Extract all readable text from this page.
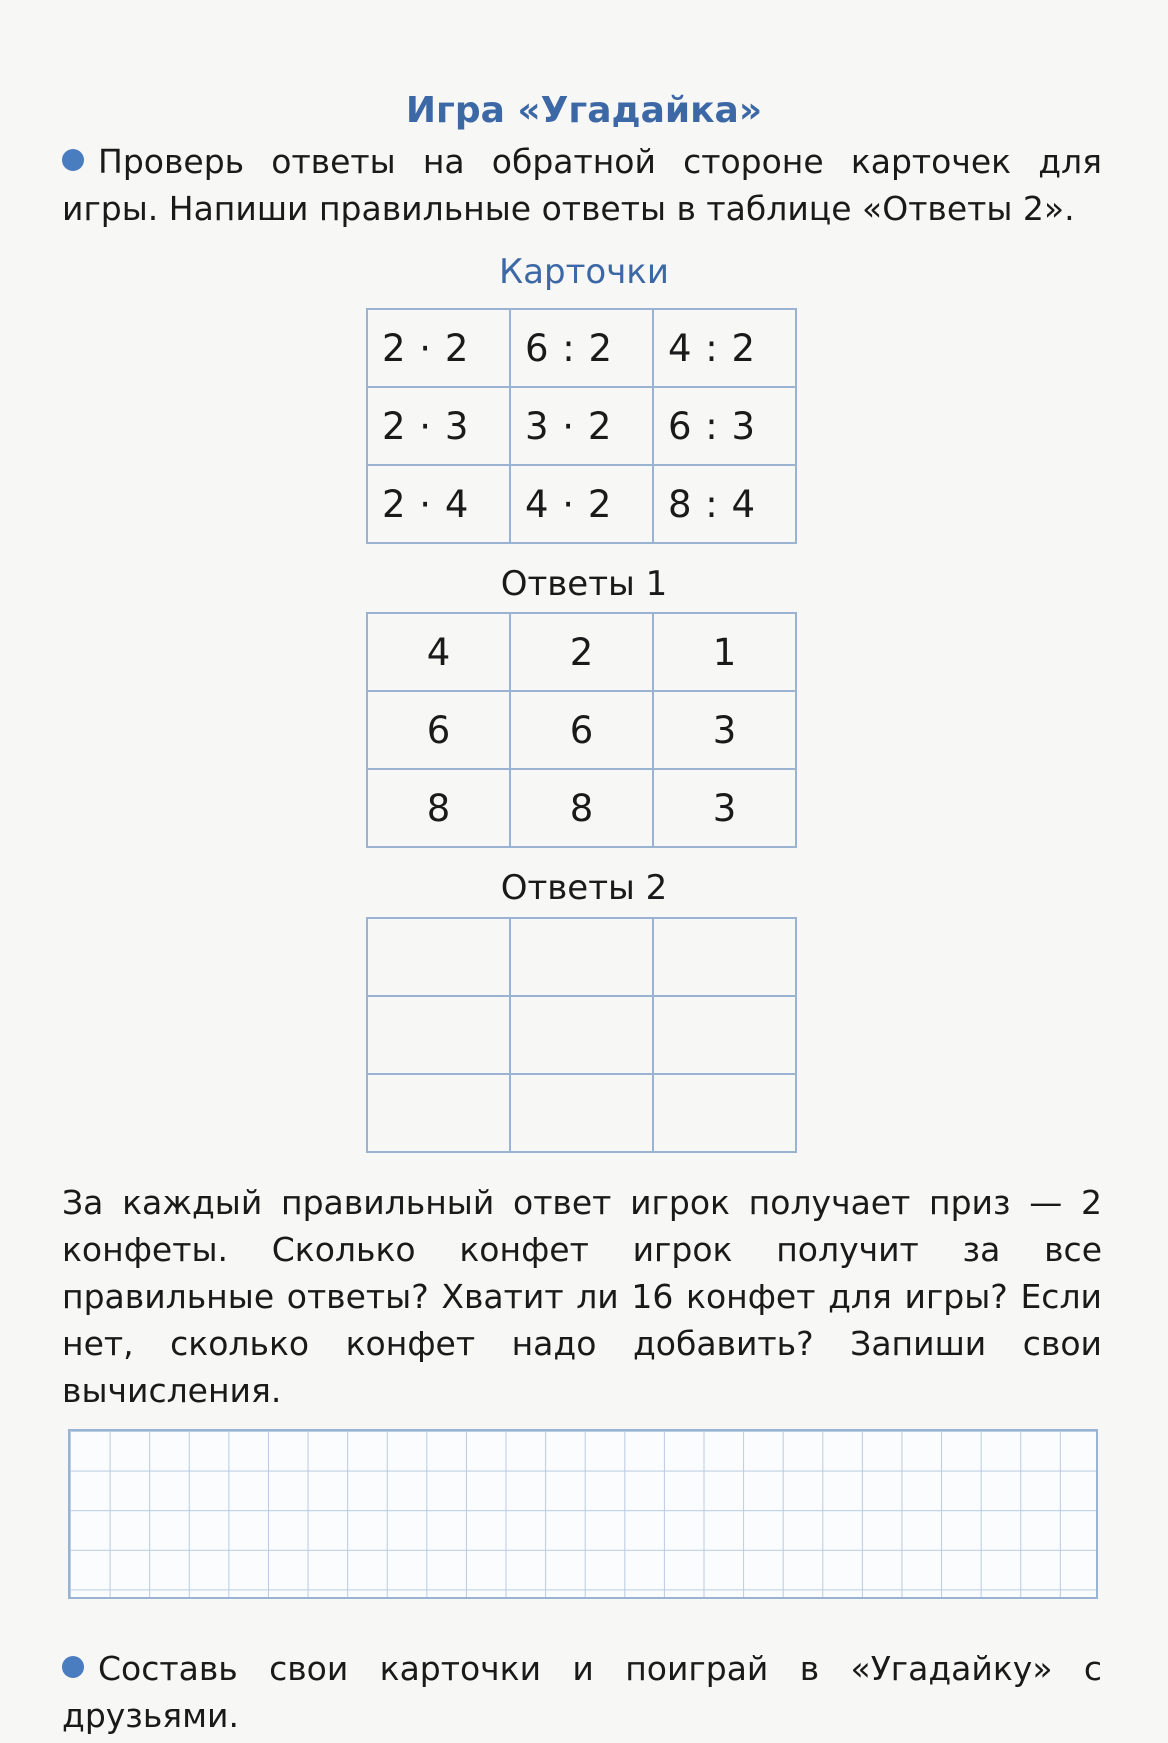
Игра «Угадайка»
Проверь ответы на обратной стороне карточек для игры. Напиши правильные ответы в таблице «Ответы 2».
Карточки
2 · 2	6 : 2	4 : 2
2 · 3	3 · 2	6 : 3
2 · 4	4 · 2	8 : 4
Ответы 1
4	2	1
6	6	3
8	8	3
Ответы 2

За каждый правильный ответ игрок получает приз — 2 конфеты. Сколько конфет игрок получит за все правильные ответы? Хватит ли 16 конфет для игры? Если нет, сколько конфет надо добавить? Запиши свои вычисления.
Составь свои карточки и поиграй в «Угадайку» с друзьями.
